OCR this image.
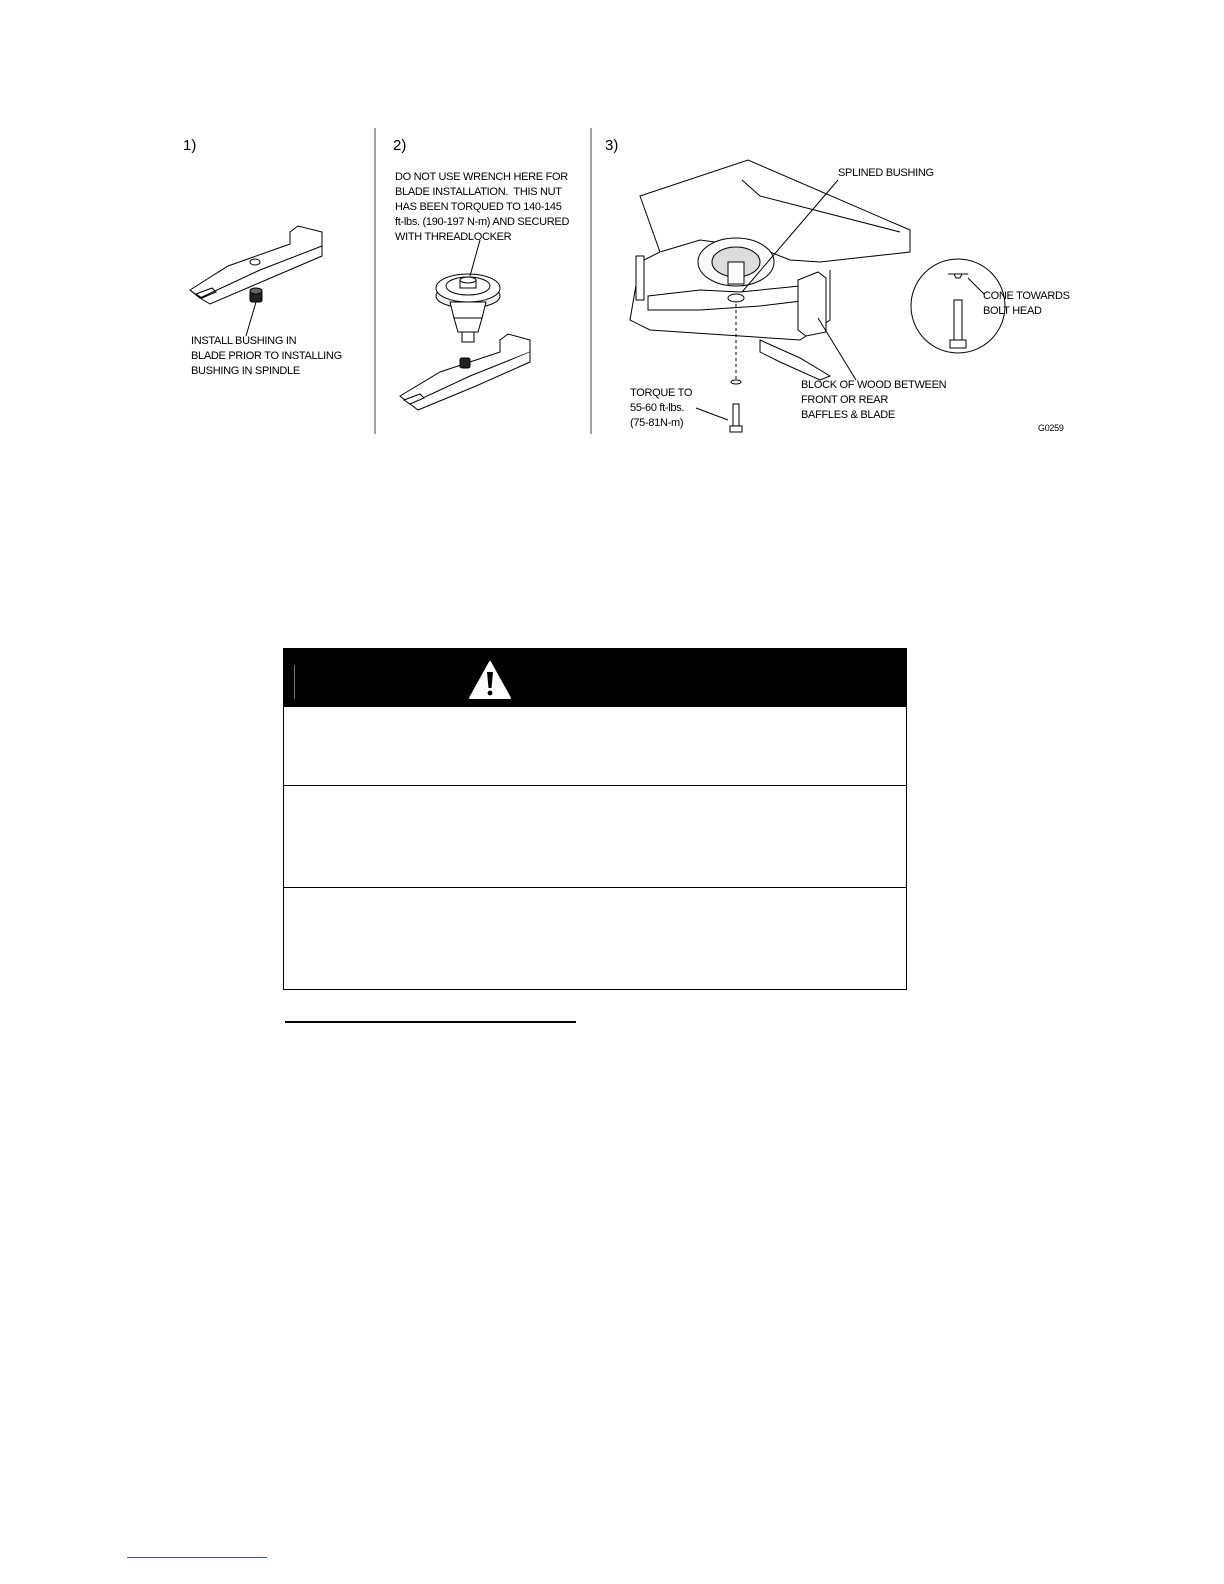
1)	2)	3)
INSTALL BUSHING IN
BLADE PRIOR TO INSTALLING
BUSHING IN SPINDLE
DO NOT USE WRENCH HERE FOR
BLADE INSTALLATION.  THIS NUT
HAS BEEN TORQUED TO 140-145
ft-lbs. (190-197 N-m) AND SECURED
WITH THREADLOCKER
SPLINED BUSHING
CONE TOWARDS
BOLT HEAD
BLOCK OF WOOD BETWEEN
FRONT OR REAR
BAFFLES & BLADE
TORQUE TO
55-60 ft-lbs.
(75-81N-m)	G0259
